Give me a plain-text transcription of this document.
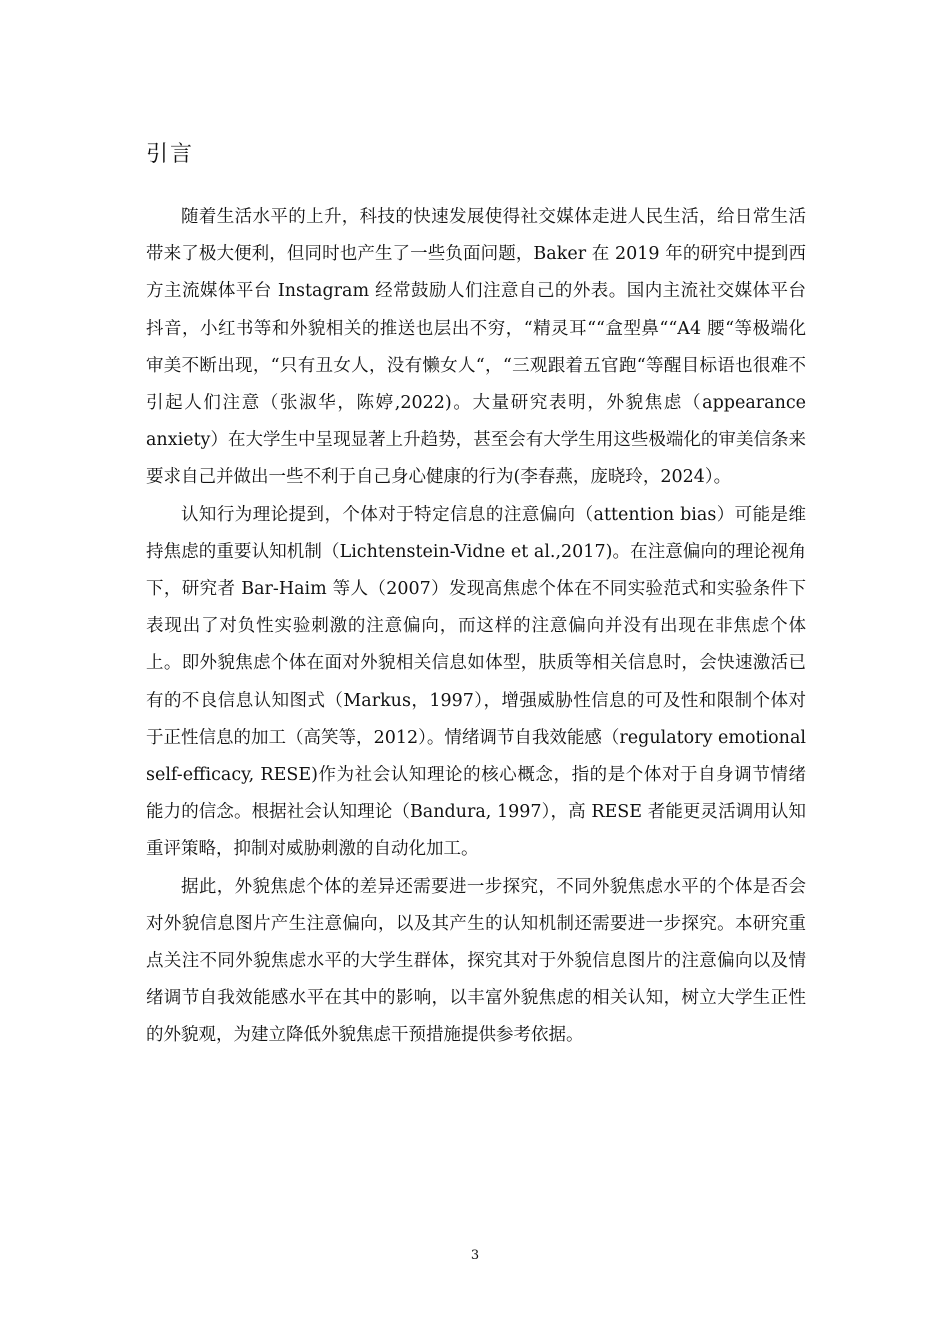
引言

随着生活水平的上升，科技的快速发展使得社交媒体走进人民生活，给日常生活带来了极大便利，但同时也产生了一些负面问题，Baker 在 2019 年的研究中提到西方主流媒体平台 Instagram 经常鼓励人们注意自己的外表。国内主流社交媒体平台抖音，小红书等和外貌相关的推送也层出不穷，“精灵耳““盒型鼻““A4 腰“等极端化审美不断出现，“只有丑女人，没有懒女人“，“三观跟着五官跑“等醒目标语也很难不引起人们注意（张淑华，陈婷,2022)。大量研究表明，外貌焦虑（appearance anxiety）在大学生中呈现显著上升趋势，甚至会有大学生用这些极端化的审美信条来要求自己并做出一些不利于自己身心健康的行为(李春燕，庞晓玲，2024）。

认知行为理论提到，个体对于特定信息的注意偏向（attention bias）可能是维持焦虑的重要认知机制（Lichtenstein-Vidne et al.,2017)。在注意偏向的理论视角下，研究者 Bar-Haim 等人（2007）发现高焦虑个体在不同实验范式和实验条件下表现出了对负性实验刺激的注意偏向，而这样的注意偏向并没有出现在非焦虑个体上。即外貌焦虑个体在面对外貌相关信息如体型，肤质等相关信息时，会快速激活已有的不良信息认知图式（Markus，1997），增强威胁性信息的可及性和限制个体对于正性信息的加工（高笑等，2012）。情绪调节自我效能感（regulatory emotional self-efficacy, RESE)作为社会认知理论的核心概念，指的是个体对于自身调节情绪能力的信念。根据社会认知理论（Bandura, 1997），高 RESE 者能更灵活调用认知重评策略，抑制对威胁刺激的自动化加工。

据此，外貌焦虑个体的差异还需要进一步探究，不同外貌焦虑水平的个体是否会对外貌信息图片产生注意偏向，以及其产生的认知机制还需要进一步探究。本研究重点关注不同外貌焦虑水平的大学生群体，探究其对于外貌信息图片的注意偏向以及情绪调节自我效能感水平在其中的影响，以丰富外貌焦虑的相关认知，树立大学生正性的外貌观，为建立降低外貌焦虑干预措施提供参考依据。

3
